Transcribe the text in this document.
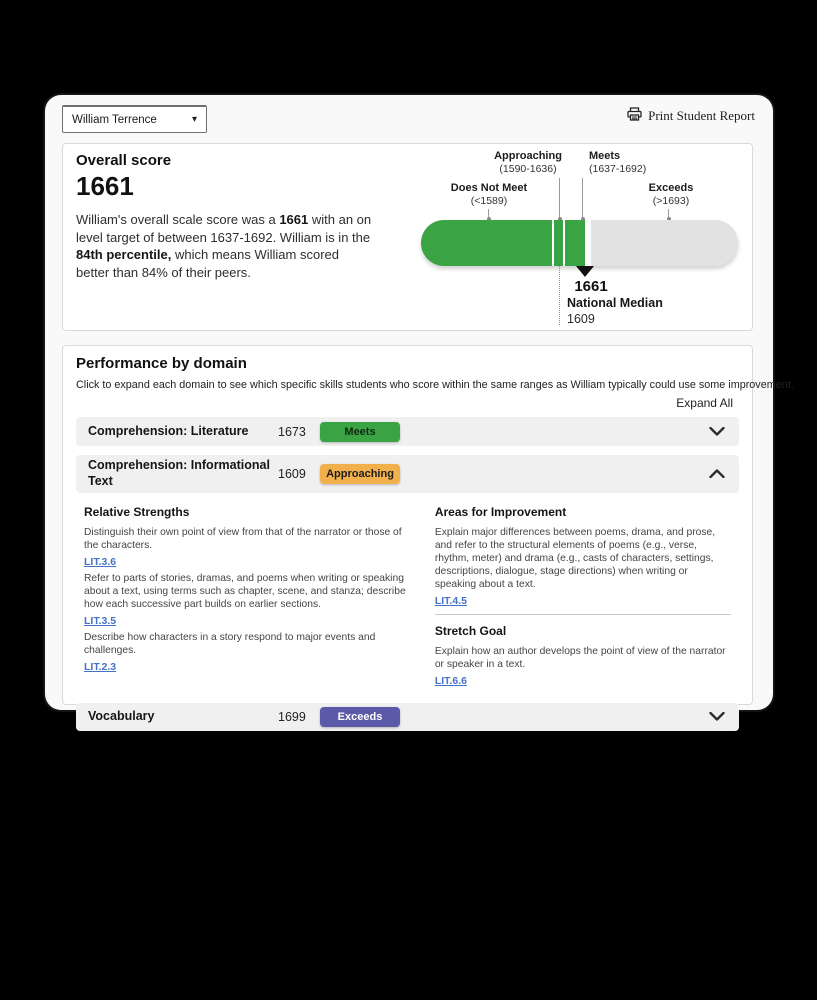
William Terrence	▾	Print Student Report
Overall score
1661
William's overall scale score was a 1661 with an on level target of between 1637-1692. William is in the 84th percentile, which means William scored better than 84% of their peers.
Approaching
(1590-1636)
Meets
(1637-1692)
Does Not Meet
(<1589)
Exceeds
(>1693)
1661
National Median
1609
Performance by domain
Click to expand each domain to see which specific skills students who score within the same ranges as William typically could use some improvement.
Expand All
Comprehension: Literature	1673	Meets
Comprehension: Informational Text	1609	Approaching
Relative Strengths
Distinguish their own point of view from that of the narrator or those of the characters.
LIT.3.6
Refer to parts of stories, dramas, and poems when writing or speaking about a text, using terms such as chapter, scene, and stanza; describe how each successive part builds on earlier sections.
LIT.3.5
Describe how characters in a story respond to major events and challenges.
LIT.2.3
Areas for Improvement
Explain major differences between poems, drama, and prose, and refer to the structural elements of poems (e.g., verse, rhythm, meter) and drama (e.g., casts of characters, settings, descriptions, dialogue, stage directions) when writing or speaking about a text.
LIT.4.5
Stretch Goal
Explain how an author develops the point of view of the narrator or speaker in a text.
LIT.6.6
Vocabulary	1699	Exceeds
